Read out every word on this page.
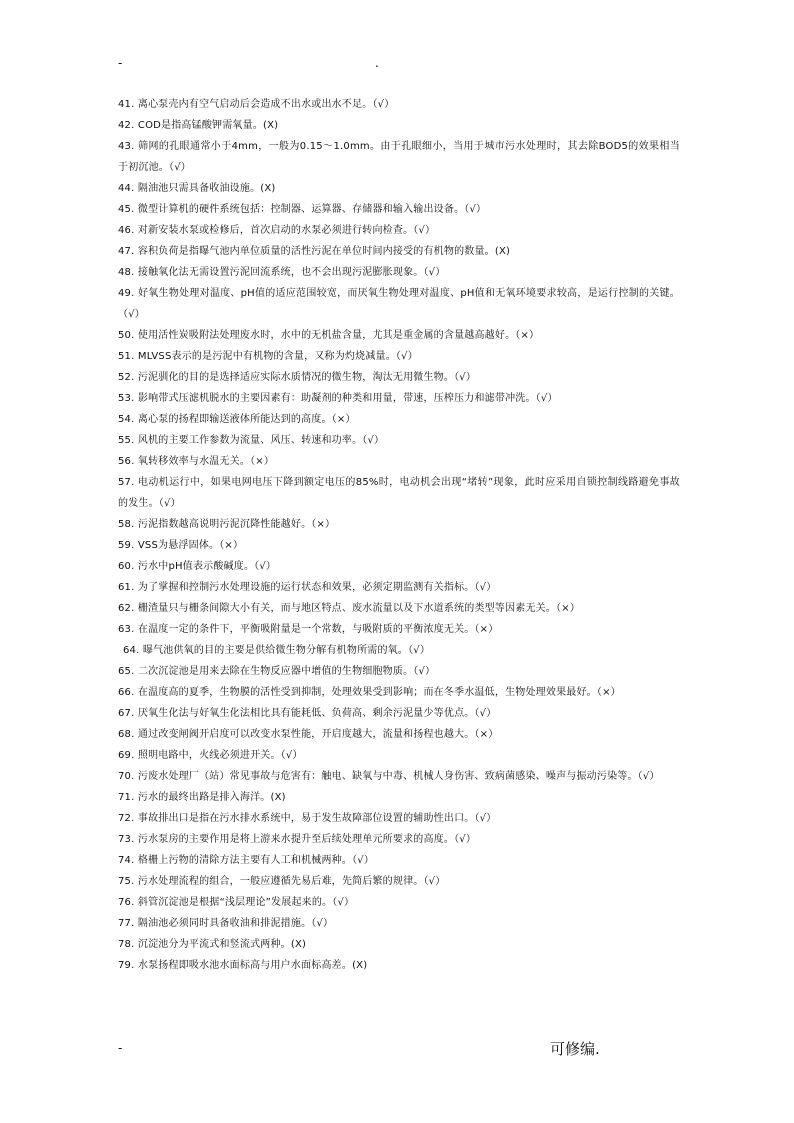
-	.

41. 离心泵壳内有空气启动后会造成不出水或出水不足。（√）

42. COD是指高锰酸钾需氧量。(X)

43. 筛网的孔眼通常小于4mm，一般为0.15～1.0mm。由于孔眼细小，当用于城市污水处理时，其去除BOD5的效果相当于初沉池。（√）

44. 隔油池只需具备收油设施。(X)

45. 微型计算机的硬件系统包括：控制器、运算器、存储器和输入输出设备。（√）

46. 对新安装水泵或检修后，首次启动的水泵必须进行转向检查。（√）

47. 容积负荷是指曝气池内单位质量的活性污泥在单位时间内接受的有机物的数量。(X)

48. 接触氧化法无需设置污泥回流系统，也不会出现污泥膨胀现象。（√）

49. 好氧生物处理对温度、pH值的适应范围较宽，而厌氧生物处理对温度、pH值和无氧环境要求较高，是运行控制的关键。（√）

50. 使用活性炭吸附法处理废水时，水中的无机盐含量，尤其是重金属的含量越高越好。（×）

51. MLVSS表示的是污泥中有机物的含量，又称为灼烧减量。（√）

52. 污泥驯化的目的是选择适应实际水质情况的微生物，淘汰无用微生物。（√）

53. 影响带式压滤机脱水的主要因素有：助凝剂的种类和用量，带速，压榨压力和滤带冲洗。（√）

54. 离心泵的扬程即输送液体所能达到的高度。（×）

55. 风机的主要工作参数为流量、风压、转速和功率。（√）

56. 氧转移效率与水温无关。（×）

57. 电动机运行中，如果电网电压下降到额定电压的85%时，电动机会出现“堵转”现象，此时应采用自锁控制线路避免事故的发生。（√）

58. 污泥指数越高说明污泥沉降性能越好。（×）

59. VSS为悬浮固体。（×）

60. 污水中pH值表示酸碱度。（√）

61. 为了掌握和控制污水处理设施的运行状态和效果，必须定期监测有关指标。（√）

62. 栅渣量只与栅条间隙大小有关，而与地区特点、废水流量以及下水道系统的类型等因素无关。（×）

63. 在温度一定的条件下，平衡吸附量是一个常数，与吸附质的平衡浓度无关。（×）

64. 曝气池供氧的目的主要是供给微生物分解有机物所需的氧。（√）

65. 二次沉淀池是用来去除在生物反应器中增值的生物细胞物质。（√）

66. 在温度高的夏季，生物膜的活性受到抑制，处理效果受到影响；而在冬季水温低，生物处理效果最好。（×）

67. 厌氧生化法与好氧生化法相比具有能耗低、负荷高、剩余污泥量少等优点。（√）

68. 通过改变闸阀开启度可以改变水泵性能，开启度越大，流量和扬程也越大。（×）

69. 照明电路中，火线必须进开关。（√）

70. 污废水处理厂（站）常见事故与危害有：触电、缺氧与中毒、机械人身伤害、致病菌感染、噪声与振动污染等。（√）

71. 污水的最终出路是排入海洋。(X)

72. 事故排出口是指在污水排水系统中，易于发生故障部位设置的辅助性出口。（√）

73. 污水泵房的主要作用是将上游来水提升至后续处理单元所要求的高度。（√）

74. 格栅上污物的清除方法主要有人工和机械两种。（√）

75. 污水处理流程的组合，一般应遵循先易后难，先简后繁的规律。（√）

76. 斜管沉淀池是根据“浅层理论”发展起来的。（√）

77. 隔油池必须同时具备收油和排泥措施。（√）

78. 沉淀池分为平流式和竖流式两种。(X)

79. 水泵扬程即吸水池水面标高与用户水面标高差。(X)

-	可修编.
